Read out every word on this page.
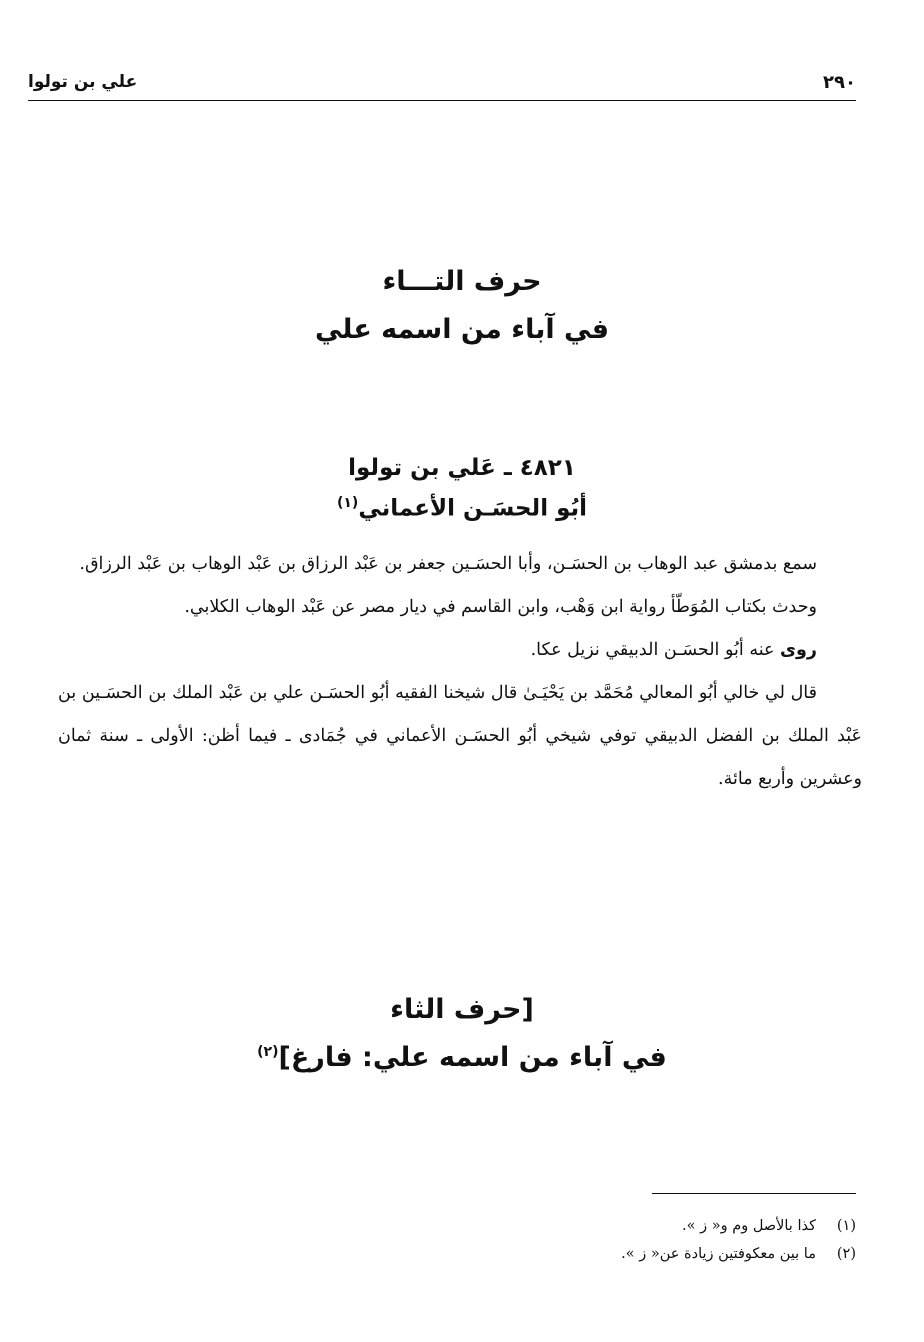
٢٩٠
علي بن تولوا
حرف التـــاء
في آباء من اسمه علي
٤٨٢١ ـ عَلي بن تولوا
أبُو الحسَـن الأعماني$^{(١)}$

سمع بدمشق عبد الوهاب بن الحسَـن، وأبا الحسَـين جعفر بن عَبْد الرزاق بن عَبْد الوهاب بن عَبْد الرزاق.

وحدث بكتاب المُوَطّأ رواية ابن وَهْب، وابن القاسم في ديار مصر عن عَبْد الوهاب الكلابي.

روى عنه أبُو الحسَـن الدبيقي نزيل عكا.

قال لي خالي أبُو المعالي مُحَمَّد بن يَحْيَـىٰ قال شيخنا الفقيه أبُو الحسَـن علي بن عَبْد الملك بن الحسَـين بن عَبْد الملك بن الفضل الدبيقي توفي شيخي أبُو الحسَـن الأعماني في جُمَادى ـ فيما أظن: الأولى ـ سنة ثمان وعشرين وأربع مائة.

[حرف الثاء
في آباء من اسمه علي: فارغ]$^{(٢)}$
(١)كذا بالأصل وم و« ز ».
(٢)ما بين معكوفتين زيادة عن« ز ».
